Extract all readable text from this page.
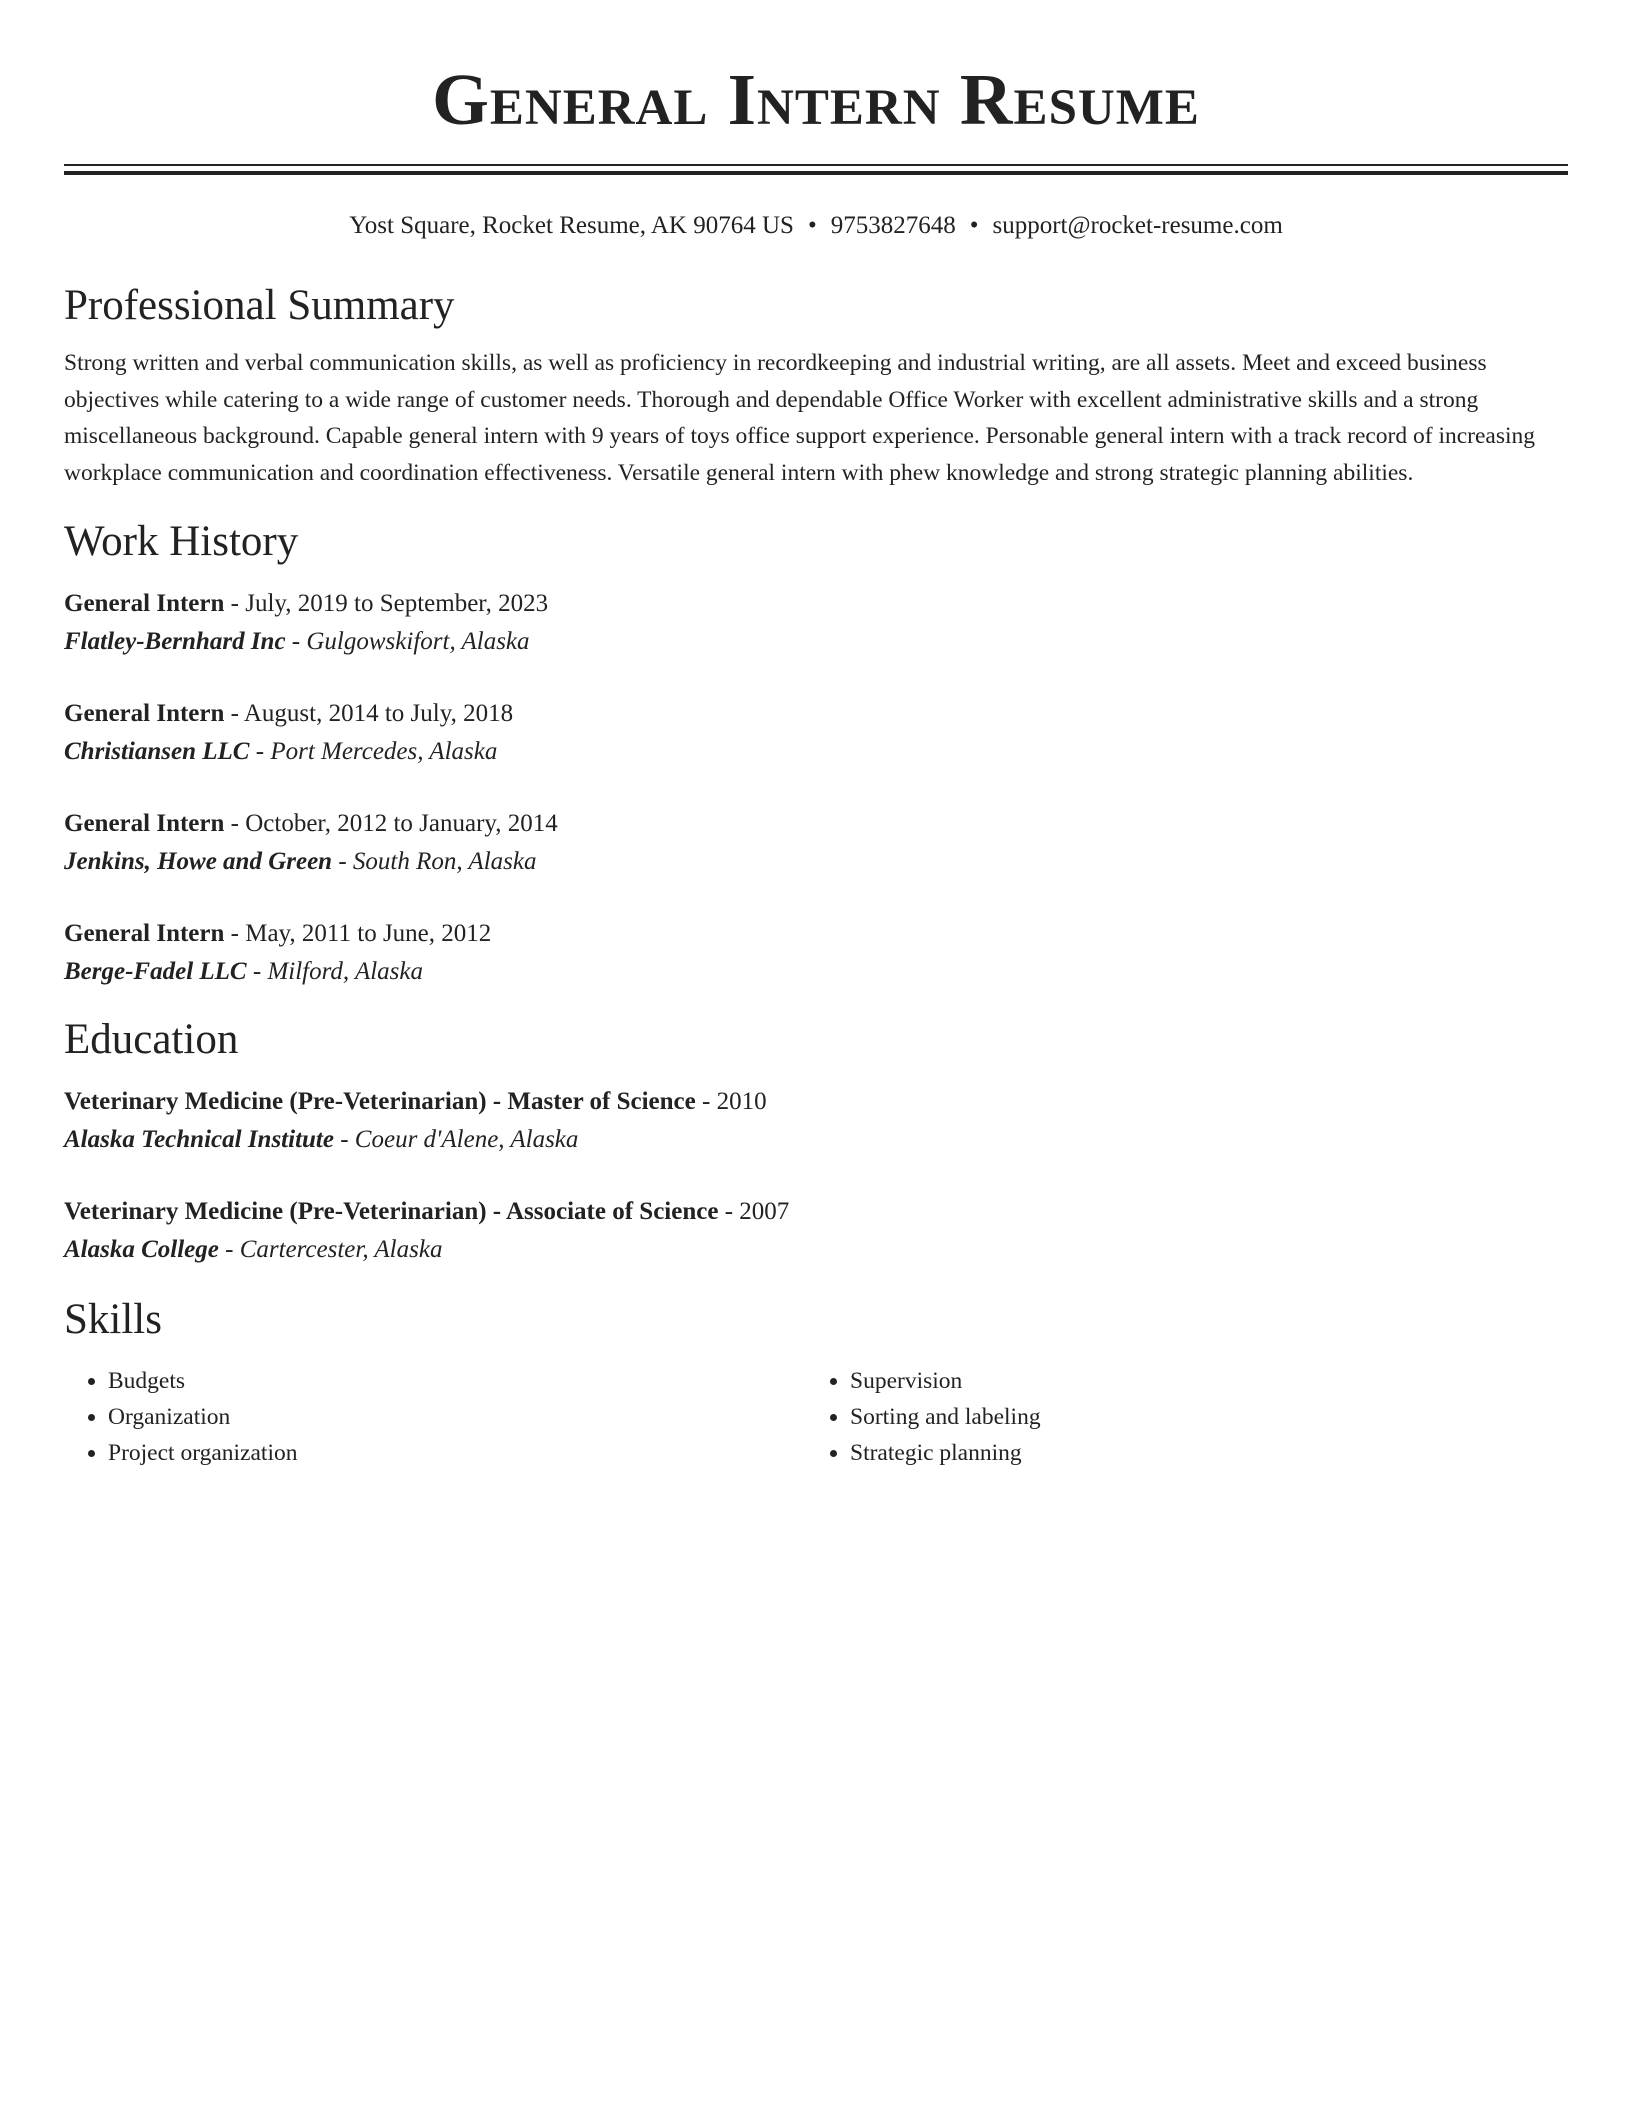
General Intern Resume
Yost Square, Rocket Resume, AK 90764 US • 9753827648 • support@rocket-resume.com
Professional Summary

Strong written and verbal communication skills, as well as proficiency in recordkeeping and industrial writing, are all assets. Meet and exceed business objectives while catering to a wide range of customer needs. Thorough and dependable Office Worker with excellent administrative skills and a strong miscellaneous background. Capable general intern with 9 years of toys office support experience. Personable general intern with a track record of increasing workplace communication and coordination effectiveness. Versatile general intern with phew knowledge and strong strategic planning abilities.

Work History
General Intern - July, 2019 to September, 2023
Flatley-Bernhard Inc - Gulgowskifort, Alaska
General Intern - August, 2014 to July, 2018
Christiansen LLC - Port Mercedes, Alaska
General Intern - October, 2012 to January, 2014
Jenkins, Howe and Green - South Ron, Alaska
General Intern - May, 2011 to June, 2012
Berge-Fadel LLC - Milford, Alaska
Education
Veterinary Medicine (Pre-Veterinarian) - Master of Science - 2010
Alaska Technical Institute - Coeur d'Alene, Alaska
Veterinary Medicine (Pre-Veterinarian) - Associate of Science - 2007
Alaska College - Cartercester, Alaska
Skills
• Budgets
• Organization
• Project organization
• Supervision
• Sorting and labeling
• Strategic planning
